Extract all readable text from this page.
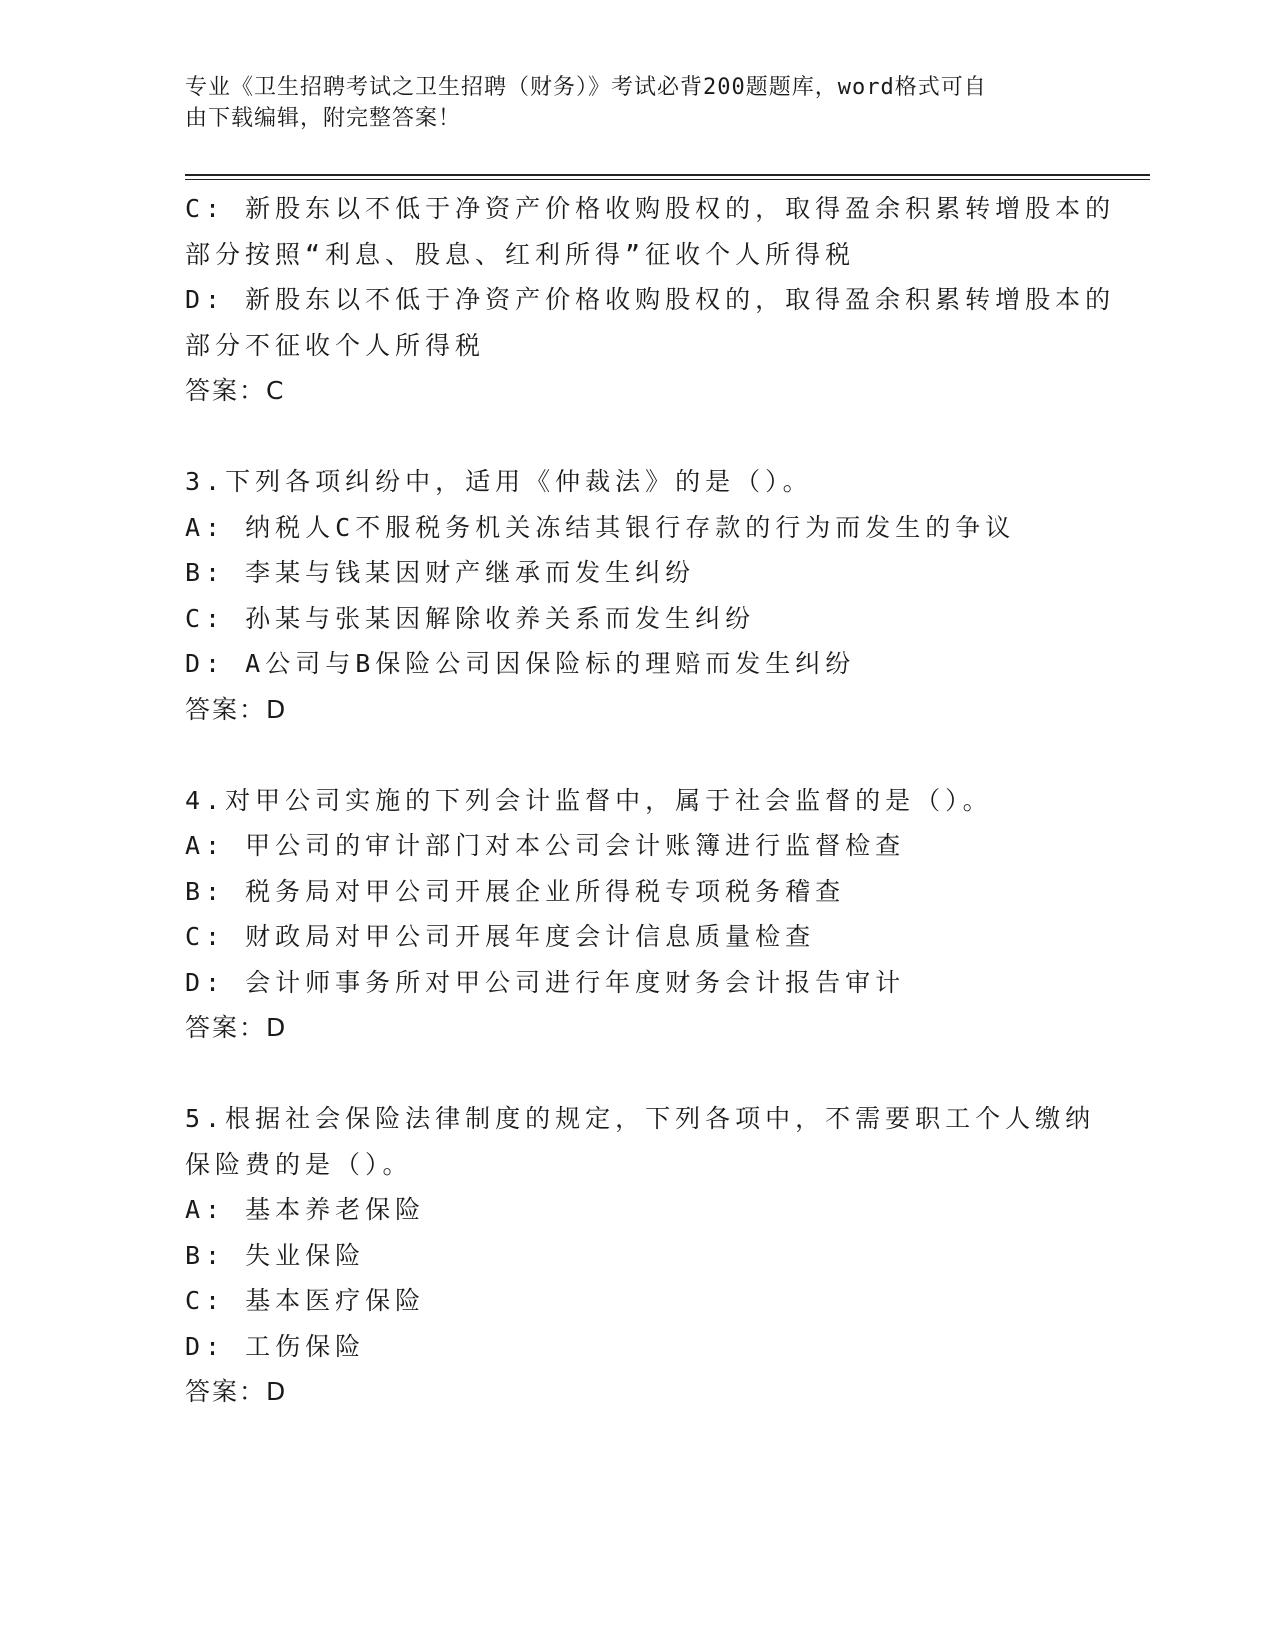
专业《卫生招聘考试之卫生招聘（财务）》考试必背200题题库，word格式可自
由下载编辑，附完整答案！
C: 新股东以不低于净资产价格收购股权的，取得盈余积累转增股本的
部分按照“利息、股息、红利所得”征收个人所得税
D: 新股东以不低于净资产价格收购股权的，取得盈余积累转增股本的
部分不征收个人所得税
答案：C
3.下列各项纠纷中，适用《仲裁法》的是（）。
A: 纳税人C不服税务机关冻结其银行存款的行为而发生的争议
B: 李某与钱某因财产继承而发生纠纷
C: 孙某与张某因解除收养关系而发生纠纷
D: A公司与B保险公司因保险标的理赔而发生纠纷
答案：D
4.对甲公司实施的下列会计监督中，属于社会监督的是（）。
A: 甲公司的审计部门对本公司会计账簿进行监督检查
B: 税务局对甲公司开展企业所得税专项税务稽查
C: 财政局对甲公司开展年度会计信息质量检查
D: 会计师事务所对甲公司进行年度财务会计报告审计
答案：D
5.根据社会保险法律制度的规定，下列各项中，不需要职工个人缴纳
保险费的是（）。
A: 基本养老保险
B: 失业保险
C: 基本医疗保险
D: 工伤保险
答案：D
